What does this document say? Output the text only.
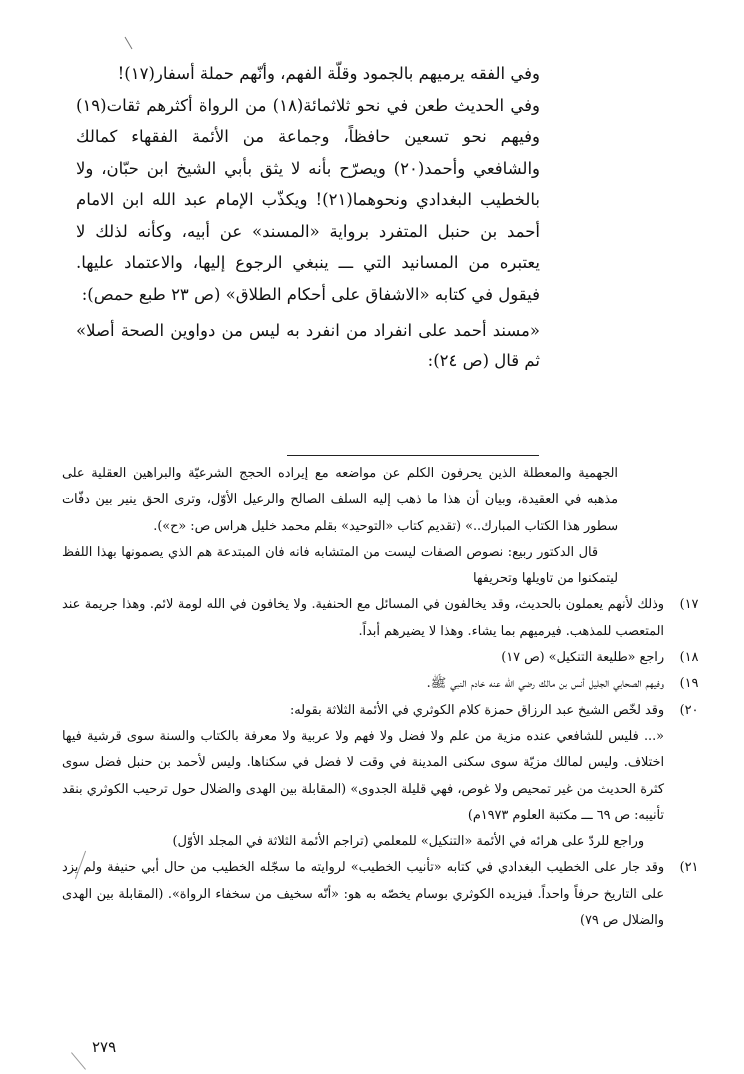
وفي الفقه يرميهم بالجمود وقلّة الفهم، وأنّهم حملة أسفار(١٧)!

وفي الحديث طعن في نحو ثلاثمائة(١٨) من الرواة أكثرهم ثقات(١٩) وفيهم نحو تسعين حافظاً، وجماعة من الأئمة الفقهاء كمالك والشافعي وأحمد(٢٠) ويصرّح بأنه لا يثق بأبي الشيخ ابن حبّان، ولا بالخطيب البغدادي ونحوهما(٢١)! ويكذّب الإمام عبد الله ابن الامام أحمد بن حنبل المتفرد برواية «المسند» عن أبيه، وكأنه لذلك لا يعتبره من المسانيد التي ـــ ينبغي الرجوع إليها، والاعتماد عليها. فيقول في كتابه «الاشفاق على أحكام الطلاق» (ص ٢٣ طبع حمص):

«مسند أحمد على انفراد من انفرد به ليس من دواوين الصحة أصلا» ثم قال (ص ٢٤):

الجهمية والمعطلة الذين يحرفون الكلم عن مواضعه مع إيراده الحجج الشرعيّة والبراهين العقلية على مذهبه في العقيدة، وبيان أن هذا ما ذهب إليه السلف الصالح والرعيل الأوّل، وترى الحق ينير بين دفّات سطور هذا الكتاب المبارك..» (تقديم كتاب «التوحيد» بقلم محمد خليل هراس ص: «ح»).

قال الدكتور ربيع: نصوص الصفات ليست من المتشابه فانه فان المبتدعة هم الذي يصمونها بهذا اللفظ ليتمكنوا من تاويلها وتحريفها

١٧)

وذلك لأنهم يعملون بالحديث، وقد يخالفون في المسائل مع الحنفية. ولا يخافون في الله لومة لائم. وهذا جريمة عند المتعصب للمذهب. فيرميهم بما يشاء. وهذا لا يضيرهم أبداً.

١٨)

راجع «طليعة التنكيل» (ص ١٧)

١٩)

وفيهم الصحابي الجليل أنس بن مالك رضي الله عنه خادم النبي ﷺ.

٢٠)

وقد لخّص الشيخ عبد الرزاق حمزة كلام الكوثري في الأئمة الثلاثة بقوله:

«... فليس للشافعي عنده مزية من علم ولا فضل ولا فهم ولا عربية ولا معرفة بالكتاب والسنة سوى قرشية فيها اختلاف. وليس لمالك مزيّة سوى سكنى المدينة في وقت لا فضل في سكناها. وليس لأحمد بن حنبل فضل سوى كثرة الحديث من غير تمحيص ولا غوص، فهي قليلة الجدوى» (المقابلة بين الهدى والضلال حول ترحيب الكوثري بنقد تأنيبه: ص ٦٩ ـــ مكتبة العلوم ١٩٧٣م)

وراجع للردّ على هرائه في الأئمة «التنكيل» للمعلمي (تراجم الأئمة الثلاثة في المجلد الأوّل)

٢١)

وقد جار على الخطيب البغدادي في كتابه «تأنيب الخطيب» لروايته ما سجّله الخطيب من حال أبي حنيفة ولم يزد على التاريخ حرفاً واحداً. فيزيده الكوثري بوسام يخصّه به هو: «أنّه سخيف من سخفاء الرواة». (المقابلة بين الهدى والضلال ص ٧٩)

٢٧٩
